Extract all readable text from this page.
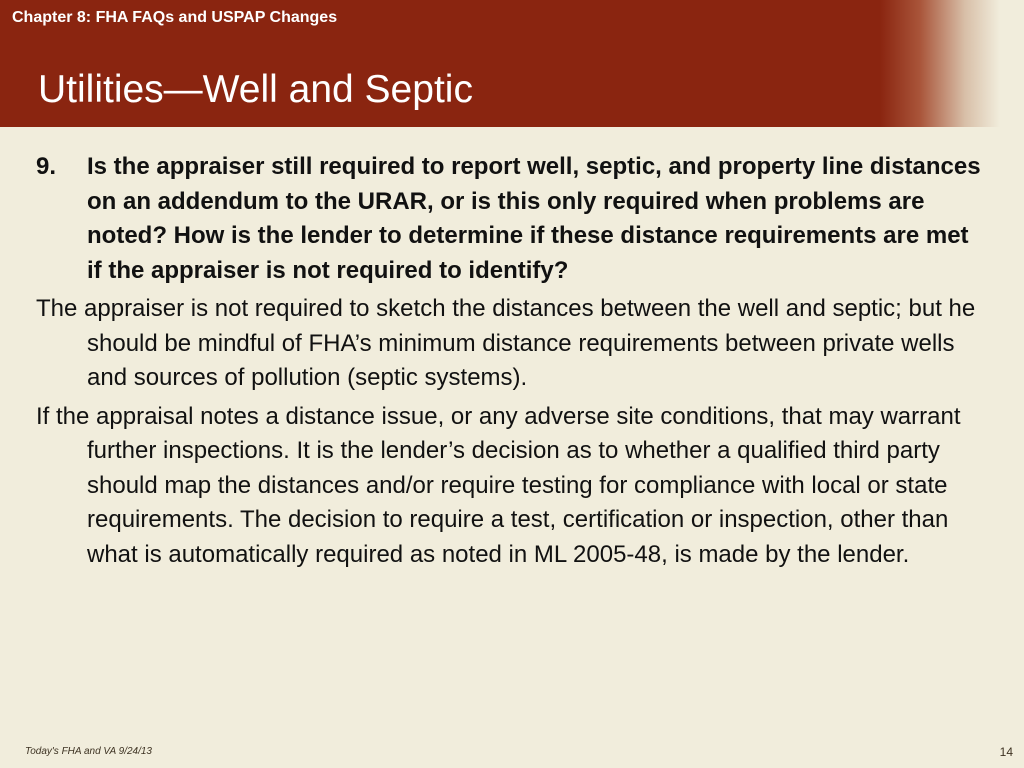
Chapter 8: FHA FAQs and USPAP Changes
Utilities—Well and Septic
9.	Is the appraiser still required to report well, septic, and property line distances on an addendum to the URAR, or is this only required when problems are noted? How is the lender to determine if these distance requirements are met if the appraiser is not required to identify?
The appraiser is not required to sketch the distances between the well and septic; but he should be mindful of FHA’s minimum distance requirements between private wells and sources of pollution (septic systems).
If the appraisal notes a distance issue, or any adverse site conditions, that may warrant further inspections. It is the lender’s decision as to whether a qualified third party should map the distances and/or require testing for compliance with local or state requirements. The decision to require a test, certification or inspection, other than what is automatically required as noted in ML 2005-48, is made by the lender.
Today's FHA and VA 9/24/13	14
